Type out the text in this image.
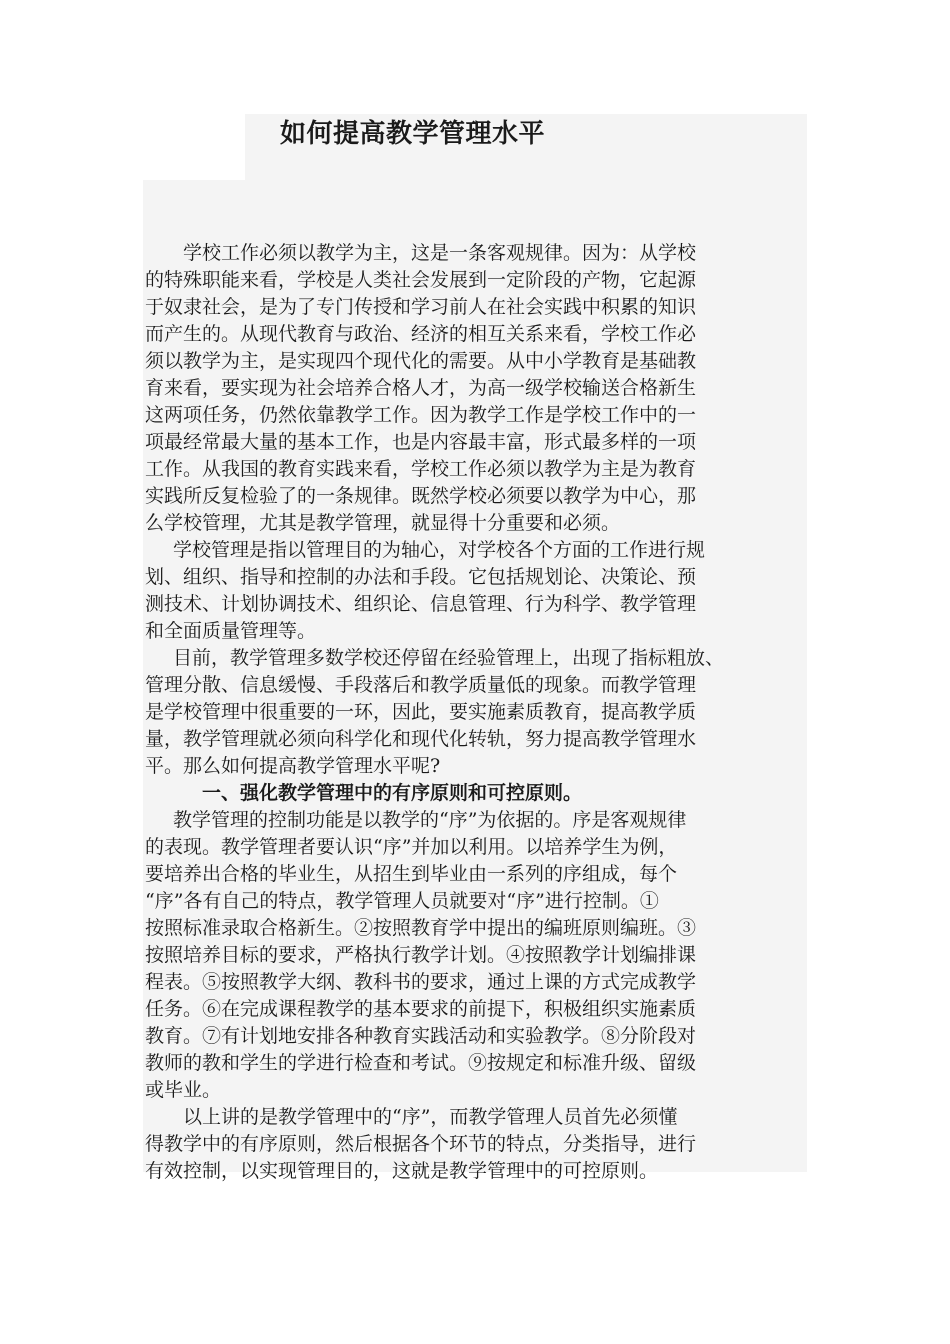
如何提高教学管理水平
学校工作必须以教学为主，这是一条客观规律。因为：从学校
的特殊职能来看，学校是人类社会发展到一定阶段的产物，它起源
于奴隶社会，是为了专门传授和学习前人在社会实践中积累的知识
而产生的。从现代教育与政治、经济的相互关系来看，学校工作必
须以教学为主，是实现四个现代化的需要。从中小学教育是基础教
育来看，要实现为社会培养合格人才，为高一级学校输送合格新生
这两项任务，仍然依靠教学工作。因为教学工作是学校工作中的一
项最经常最大量的基本工作，也是内容最丰富，形式最多样的一项
工作。从我国的教育实践来看，学校工作必须以教学为主是为教育
实践所反复检验了的一条规律。既然学校必须要以教学为中心，那
么学校管理，尤其是教学管理，就显得十分重要和必须。
学校管理是指以管理目的为轴心，对学校各个方面的工作进行规
划、组织、指导和控制的办法和手段。它包括规划论、决策论、预
测技术、计划协调技术、组织论、信息管理、行为科学、教学管理
和全面质量管理等。
目前，教学管理多数学校还停留在经验管理上，出现了指标粗放、
管理分散、信息缓慢、手段落后和教学质量低的现象。而教学管理
是学校管理中很重要的一环，因此，要实施素质教育，提高教学质
量，教学管理就必须向科学化和现代化转轨，努力提高教学管理水
平。那么如何提高教学管理水平呢?
一、强化教学管理中的有序原则和可控原则。
教学管理的控制功能是以教学的“序”为依据的。序是客观规律
的表现。教学管理者要认识“序”并加以利用。以培养学生为例，
要培养出合格的毕业生，从招生到毕业由一系列的序组成，每个
“序”各有自己的特点，教学管理人员就要对“序”进行控制。①
按照标准录取合格新生。②按照教育学中提出的编班原则编班。③
按照培养目标的要求，严格执行教学计划。④按照教学计划编排课
程表。⑤按照教学大纲、教科书的要求，通过上课的方式完成教学
任务。⑥在完成课程教学的基本要求的前提下，积极组织实施素质
教育。⑦有计划地安排各种教育实践活动和实验教学。⑧分阶段对
教师的教和学生的学进行检查和考试。⑨按规定和标准升级、留级
或毕业。
以上讲的是教学管理中的“序”，而教学管理人员首先必须懂
得教学中的有序原则，然后根据各个环节的特点，分类指导，进行
有效控制，以实现管理目的，这就是教学管理中的可控原则。
